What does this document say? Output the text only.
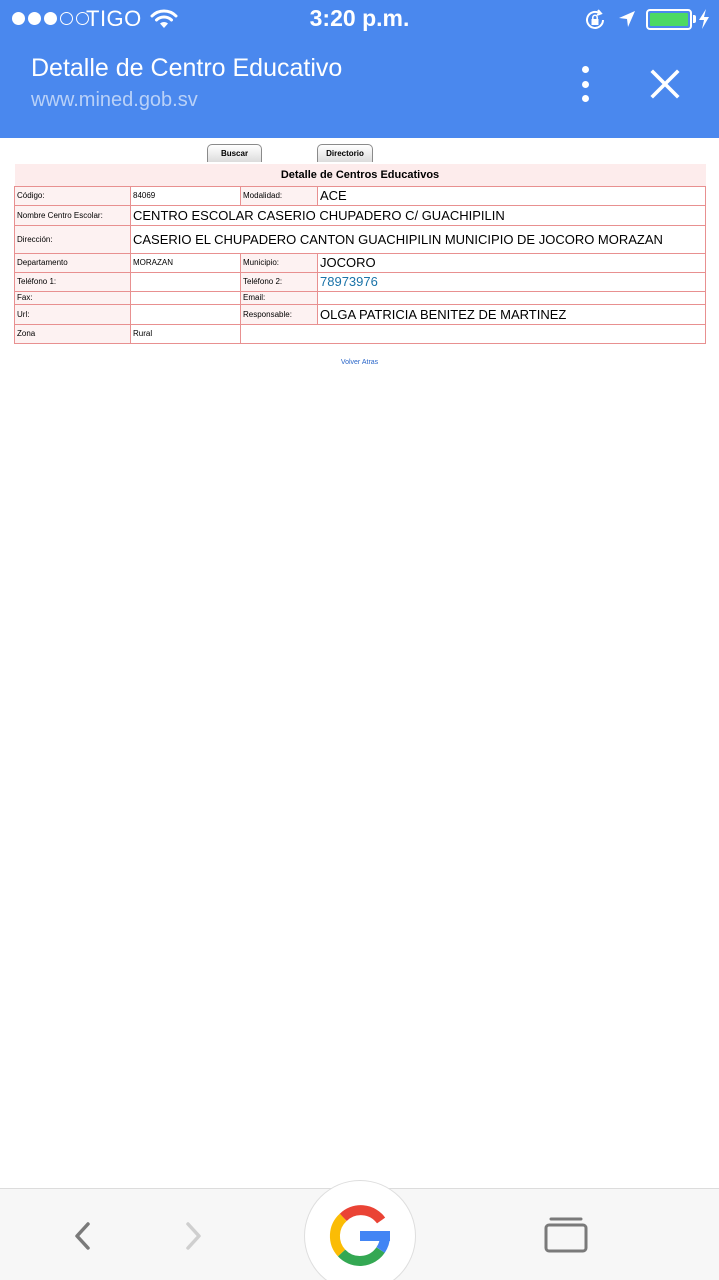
TIGO	3:20 p.m.
Detalle de Centro Educativo
www.mined.gob.sv
Buscar	Directorio
Detalle de Centros Educativos			
Código:	84069	Modalidad:	ACE
Nombre Centro Escolar:	CENTRO ESCOLAR CASERIO CHUPADERO C/ GUACHIPILIN		
Dirección:	CASERIO EL CHUPADERO CANTON GUACHIPILIN MUNICIPIO DE JOCORO MORAZAN		
Departamento	MORAZAN	Municipio:	JOCORO
Teléfono 1:		Teléfono 2:	78973976
Fax:		Email:	
Url:		Responsable:	OLGA PATRICIA BENITEZ DE MARTINEZ
Zona	Rural		
Volver Atras
